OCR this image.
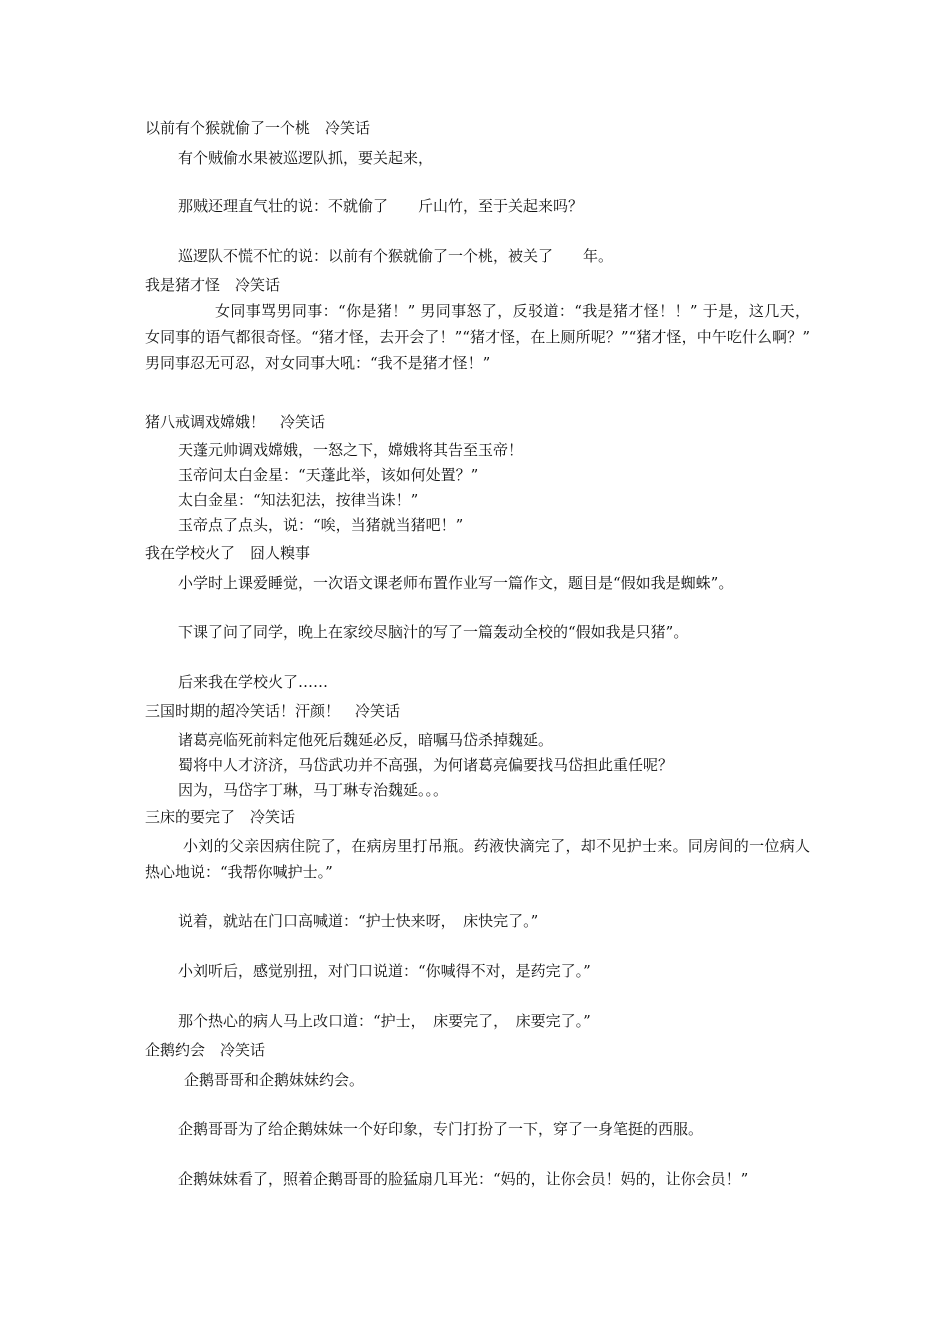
以前有个猴就偷了一个桃　冷笑话
有个贼偷水果被巡逻队抓，要关起来，
那贼还理直气壮的说：不就偷了　　斤山竹，至于关起来吗？
巡逻队不慌不忙的说：以前有个猴就偷了一个桃，被关了　　年。
我是猪才怪　冷笑话
女同事骂男同事：“你是猪！” 男同事怒了，反驳道：“我是猪才怪！！” 于是，这几天，女同事的语气都很奇怪。“猪才怪，去开会了！”“猪才怪，在上厕所呢？”“猪才怪，中午吃什么啊？” 男同事忍无可忍，对女同事大吼：“我不是猪才怪！”
猪八戒调戏嫦娥！　冷笑话
天蓬元帅调戏嫦娥，一怒之下，嫦娥将其告至玉帝！
玉帝问太白金星：“天蓬此举，该如何处置？”
太白金星：“知法犯法，按律当诛！”
玉帝点了点头，说：“唉，当猪就当猪吧！”
我在学校火了　囧人糗事
小学时上课爱睡觉，一次语文课老师布置作业写一篇作文，题目是“假如我是蜘蛛”。
下课了问了同学，晚上在家绞尽脑汁的写了一篇轰动全校的“假如我是只猪”。
后来我在学校火了……
三国时期的超冷笑话！汗颜！　冷笑话
诸葛亮临死前料定他死后魏延必反，暗嘱马岱杀掉魏延。
蜀将中人才济济，马岱武功并不高强，为何诸葛亮偏要找马岱担此重任呢？
因为，马岱字丁琳，马丁琳专治魏延。。。
三床的要完了　冷笑话
小刘的父亲因病住院了，在病房里打吊瓶。药液快滴完了，却不见护士来。同房间的一位病人热心地说：“我帮你喊护士。”
说着，就站在门口高喊道：“护士快来呀，　床快完了。”
小刘听后，感觉别扭，对门口说道：“你喊得不对，是药完了。”
那个热心的病人马上改口道：“护士，　床要完了，　床要完了。”
企鹅约会　冷笑话
企鹅哥哥和企鹅妹妹约会。
企鹅哥哥为了给企鹅妹妹一个好印象，专门打扮了一下，穿了一身笔挺的西服。
企鹅妹妹看了，照着企鹅哥哥的脸猛扇几耳光：“妈的，让你会员！妈的，让你会员！”
